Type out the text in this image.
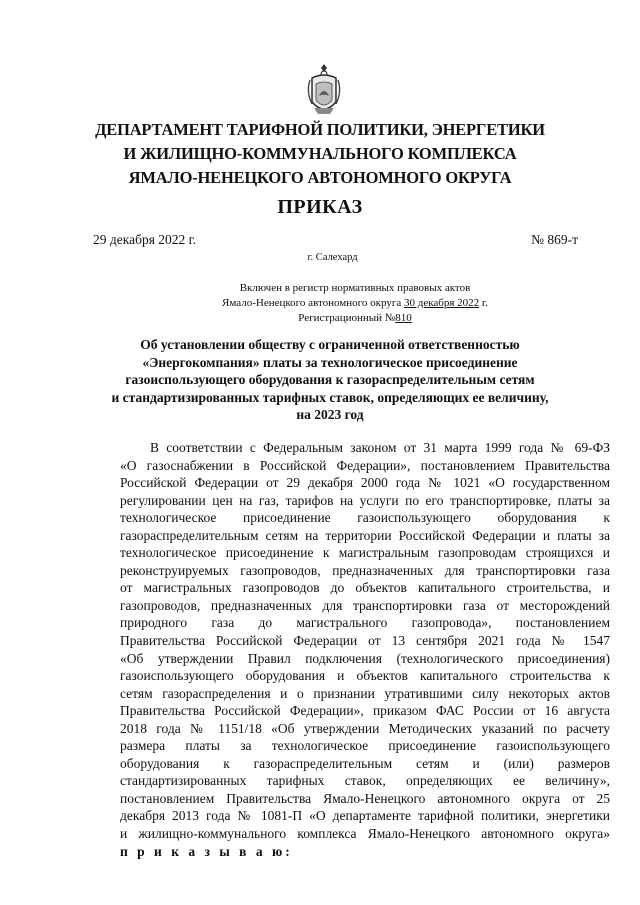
ДЕПАРТАМЕНТ ТАРИФНОЙ ПОЛИТИКИ, ЭНЕРГЕТИКИ
И ЖИЛИЩНО-КОММУНАЛЬНОГО КОМПЛЕКСА
ЯМАЛО-НЕНЕЦКОГО АВТОНОМНОГО ОКРУГА
ПРИКАЗ
29 декабря 2022 г.	№ 869-т
г. Салехард
Включен в регистр нормативных правовых актов
Ямало-Ненецкого автономного округа 30 декабря 2022 г.
Регистрационный №810
Об установлении обществу с ограниченной ответственностью
«Энергокомпания» платы за технологическое присоединение
газоиспользующего оборудования к газораспределительным сетям
и стандартизированных тарифных ставок, определяющих ее величину,
на 2023 год
В соответствии с Федеральным законом от 31 марта 1999 года № 69-ФЗ
«О газоснабжении в Российской Федерации», постановлением Правительства
Российской Федерации от 29 декабря 2000 года № 1021 «О государственном
регулировании цен на газ, тарифов на услуги по его транспортировке, платы за
технологическое присоединение газоиспользующего оборудования к
газораспределительным сетям на территории Российской Федерации и платы за
технологическое присоединение к магистральным газопроводам строящихся и
реконструируемых газопроводов, предназначенных для транспортировки газа
от магистральных газопроводов до объектов капитального строительства, и
газопроводов, предназначенных для транспортировки газа от месторождений
природного газа до магистрального газопровода», постановлением
Правительства Российской Федерации от 13 сентября 2021 года № 1547
«Об утверждении Правил подключения (технологического присоединения)
газоиспользующего оборудования и объектов капитального строительства к
сетям газораспределения и о признании утратившими силу некоторых актов
Правительства Российской Федерации», приказом ФАС России от 16 августа
2018 года № 1151/18 «Об утверждении Методических указаний по расчету
размера платы за технологическое присоединение газоиспользующего
оборудования к газораспределительным сетям и (или) размеров
стандартизированных тарифных ставок, определяющих ее величину»,
постановлением Правительства Ямало-Ненецкого автономного округа от 25
декабря 2013 года № 1081-П «О департаменте тарифной политики, энергетики
и жилищно-коммунального комплекса Ямало-Ненецкого автономного округа»
п р и к а з ы в а ю:
